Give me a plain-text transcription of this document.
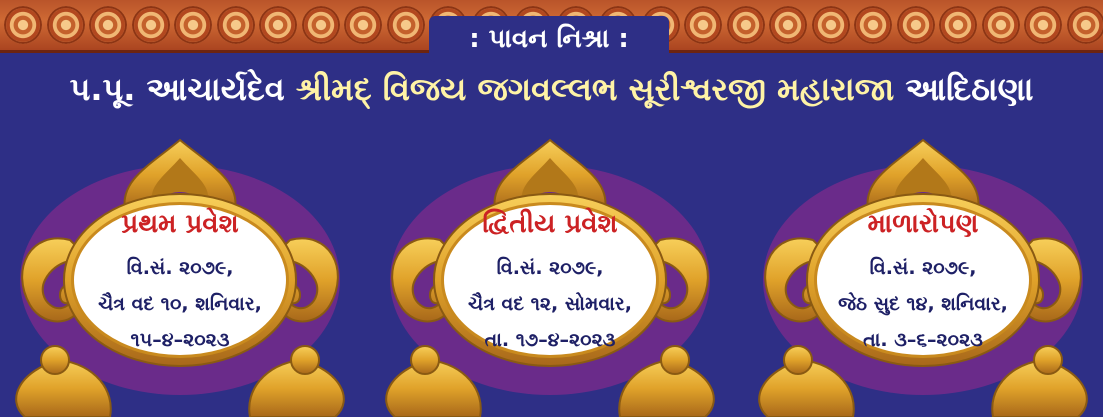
: પાવન નિશ્રા :
પ.પૂ. આચાર્યદેવ શ્રીમદ્ વિજય જગવલ્લભ સૂરીશ્વરજી મહારાજા આદિઠાણા
પ્રથમ પ્રવેશ
વિ.સં. ૨૦૭૯,
ચૈત્ર વદ ૧૦, શનિવાર,
૧૫–૪–૨૦૨૩
દ્વિતીય પ્રવેશ
વિ.સં. ૨૦૭૯,
ચૈત્ર વદ ૧૨, સોમવાર,
તા. ૧૭–૪–૨૦૨૩
માળારોપણ
વિ.સં. ૨૦૭૯,
જેઠ સુદ ૧૪, શનિવાર,
તા. ૩–૬–૨૦૨૩
